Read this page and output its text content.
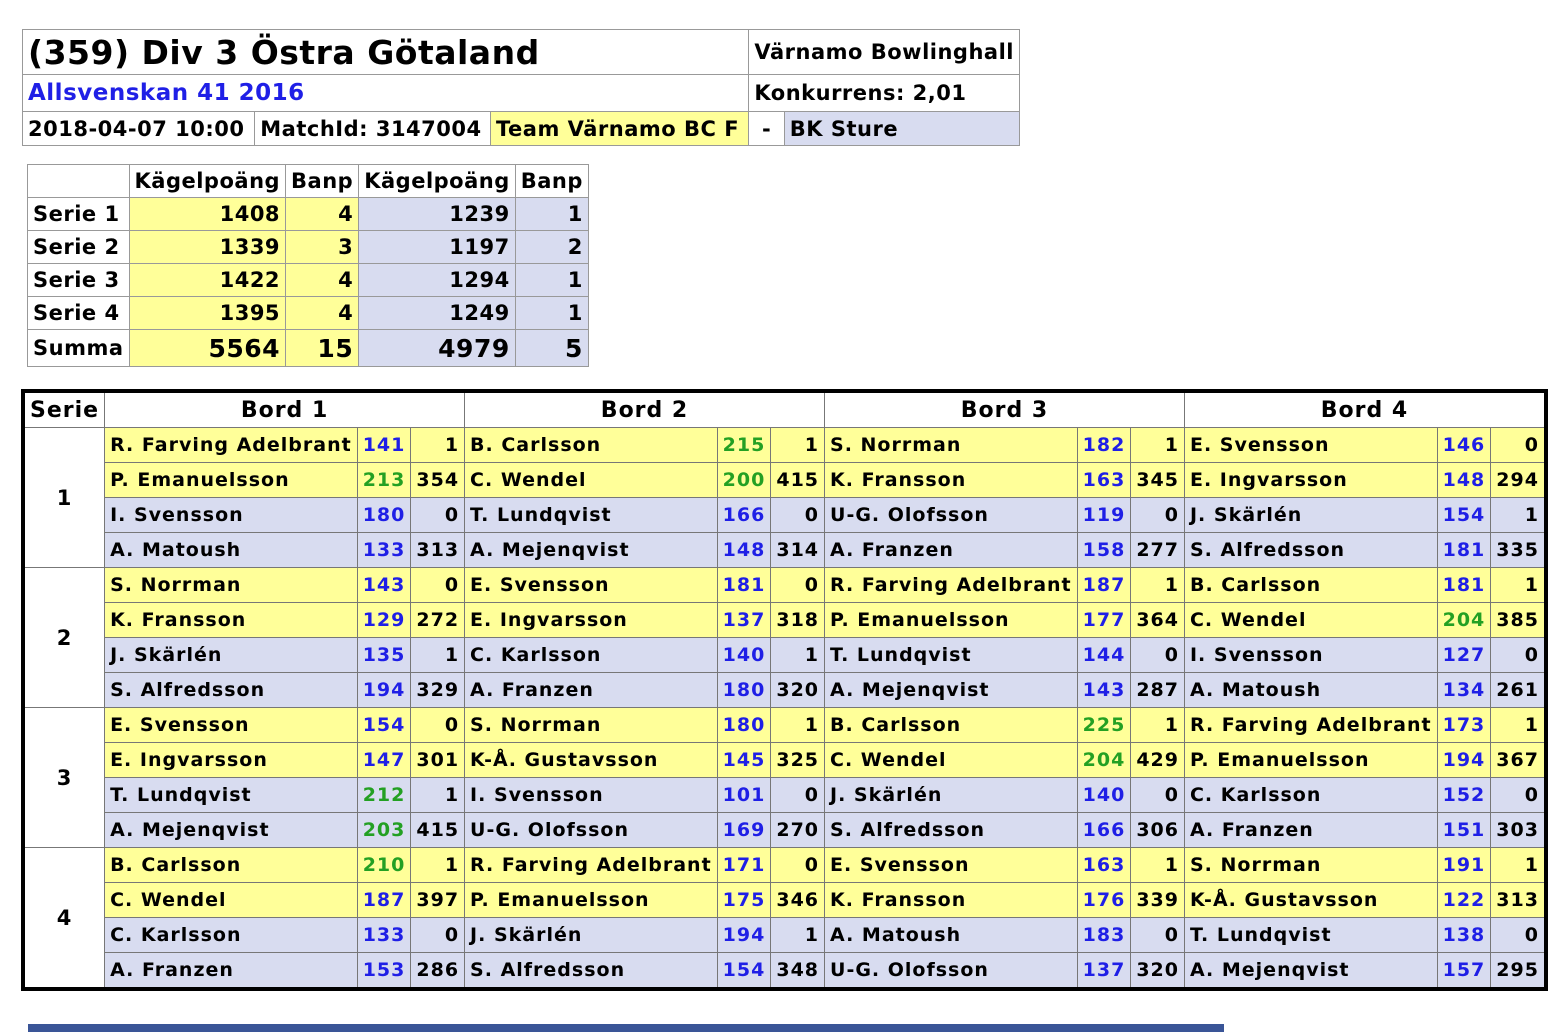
(359) Div 3 Östra Götaland			Värnamo Bowlinghall	
Allsvenskan 41 2016			Konkurrens: 2,01	
2018-04-07 10:00	MatchId: 3147004	Team Värnamo BC F	-	BK Sture
	Kägelpoäng	Banp	Kägelpoäng	Banp
Serie 1	1408	4	1239	1
Serie 2	1339	3	1197	2
Serie 3	1422	4	1294	1
Serie 4	1395	4	1249	1
Summa	5564	15	4979	5
Serie	Bord 1			Bord 2			Bord 3			Bord 4		
1	R. Farving Adelbrant	141	1	B. Carlsson	215	1	S. Norrman	182	1	E. Svensson	146	0
	P. Emanuelsson	213	354	C. Wendel	200	415	K. Fransson	163	345	E. Ingvarsson	148	294
	I. Svensson	180	0	T. Lundqvist	166	0	U-G. Olofsson	119	0	J. Skärlén	154	1
	A. Matoush	133	313	A. Mejenqvist	148	314	A. Franzen	158	277	S. Alfredsson	181	335
2	S. Norrman	143	0	E. Svensson	181	0	R. Farving Adelbrant	187	1	B. Carlsson	181	1
	K. Fransson	129	272	E. Ingvarsson	137	318	P. Emanuelsson	177	364	C. Wendel	204	385
	J. Skärlén	135	1	C. Karlsson	140	1	T. Lundqvist	144	0	I. Svensson	127	0
	S. Alfredsson	194	329	A. Franzen	180	320	A. Mejenqvist	143	287	A. Matoush	134	261
3	E. Svensson	154	0	S. Norrman	180	1	B. Carlsson	225	1	R. Farving Adelbrant	173	1
	E. Ingvarsson	147	301	K-Å. Gustavsson	145	325	C. Wendel	204	429	P. Emanuelsson	194	367
	T. Lundqvist	212	1	I. Svensson	101	0	J. Skärlén	140	0	C. Karlsson	152	0
	A. Mejenqvist	203	415	U-G. Olofsson	169	270	S. Alfredsson	166	306	A. Franzen	151	303
4	B. Carlsson	210	1	R. Farving Adelbrant	171	0	E. Svensson	163	1	S. Norrman	191	1
	C. Wendel	187	397	P. Emanuelsson	175	346	K. Fransson	176	339	K-Å. Gustavsson	122	313
	C. Karlsson	133	0	J. Skärlén	194	1	A. Matoush	183	0	T. Lundqvist	138	0
	A. Franzen	153	286	S. Alfredsson	154	348	U-G. Olofsson	137	320	A. Mejenqvist	157	295
